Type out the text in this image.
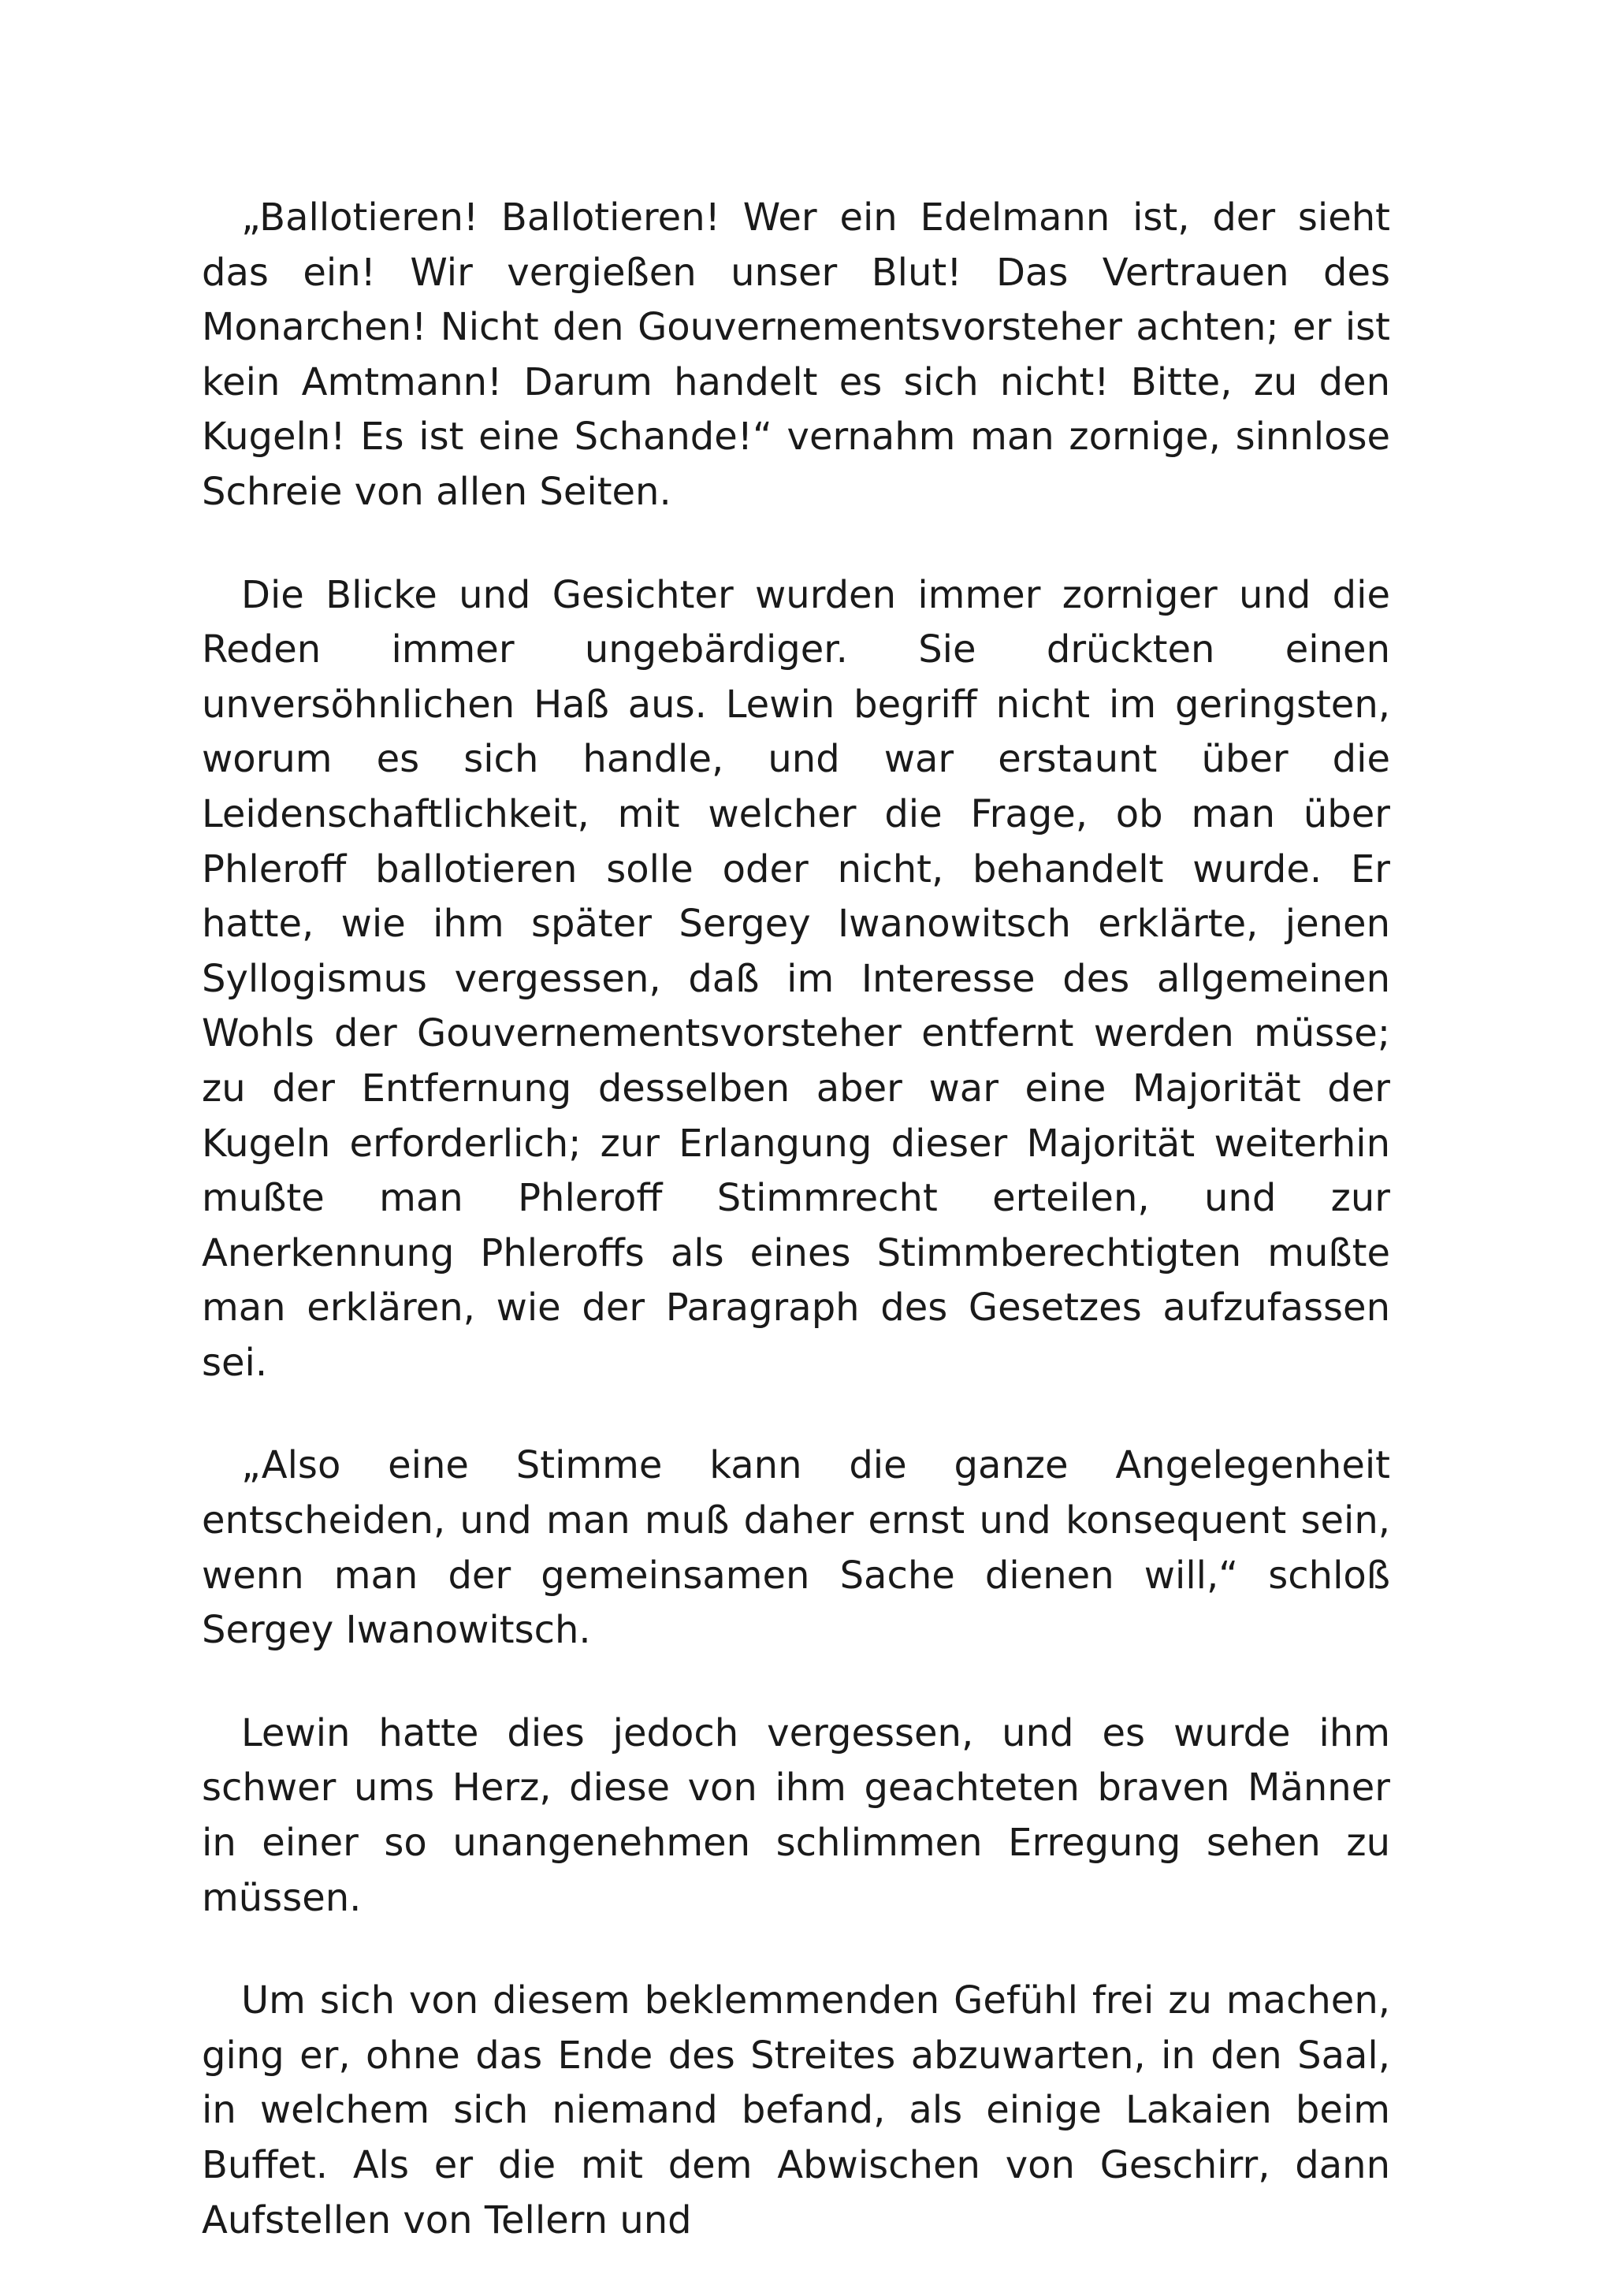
„Ballotieren! Ballotieren! Wer ein Edelmann ist, der sieht das ein! Wir vergießen unser Blut! Das Vertrauen des Monarchen! Nicht den Gouvernementsvorsteher achten; er ist kein Amtmann! Darum handelt es sich nicht! Bitte, zu den Kugeln! Es ist eine Schande!“ vernahm man zornige, sinnlose Schreie von allen Seiten.

Die Blicke und Gesichter wurden immer zorniger und die Reden immer ungebärdiger. Sie drückten einen unversöhnlichen Haß aus. Lewin begriff nicht im geringsten, worum es sich handle, und war erstaunt über die Leidenschaftlichkeit, mit welcher die Frage, ob man über Phleroff ballotieren solle oder nicht, behandelt wurde. Er hatte, wie ihm später Sergey Iwanowitsch erklärte, jenen Syllogismus vergessen, daß im Interesse des allgemeinen Wohls der Gouvernementsvorsteher entfernt werden müsse; zu der Entfernung desselben aber war eine Majorität der Kugeln erforderlich; zur Erlangung dieser Majorität weiterhin mußte man Phleroff Stimmrecht erteilen, und zur Anerkennung Phleroffs als eines Stimmberechtigten mußte man erklären, wie der Paragraph des Gesetzes aufzufassen sei.

„Also eine Stimme kann die ganze Angelegenheit entscheiden, und man muß daher ernst und konsequent sein, wenn man der gemeinsamen Sache dienen will,“ schloß Sergey Iwanowitsch.

Lewin hatte dies jedoch vergessen, und es wurde ihm schwer ums Herz, diese von ihm geachteten braven Männer in einer so unangenehmen schlimmen Erregung sehen zu müssen.

Um sich von diesem beklemmenden Gefühl frei zu machen, ging er, ohne das Ende des Streites abzuwarten, in den Saal, in welchem sich niemand befand, als einige Lakaien beim Buffet. Als er die mit dem Abwischen von Geschirr, dann Aufstellen von Tellern und
